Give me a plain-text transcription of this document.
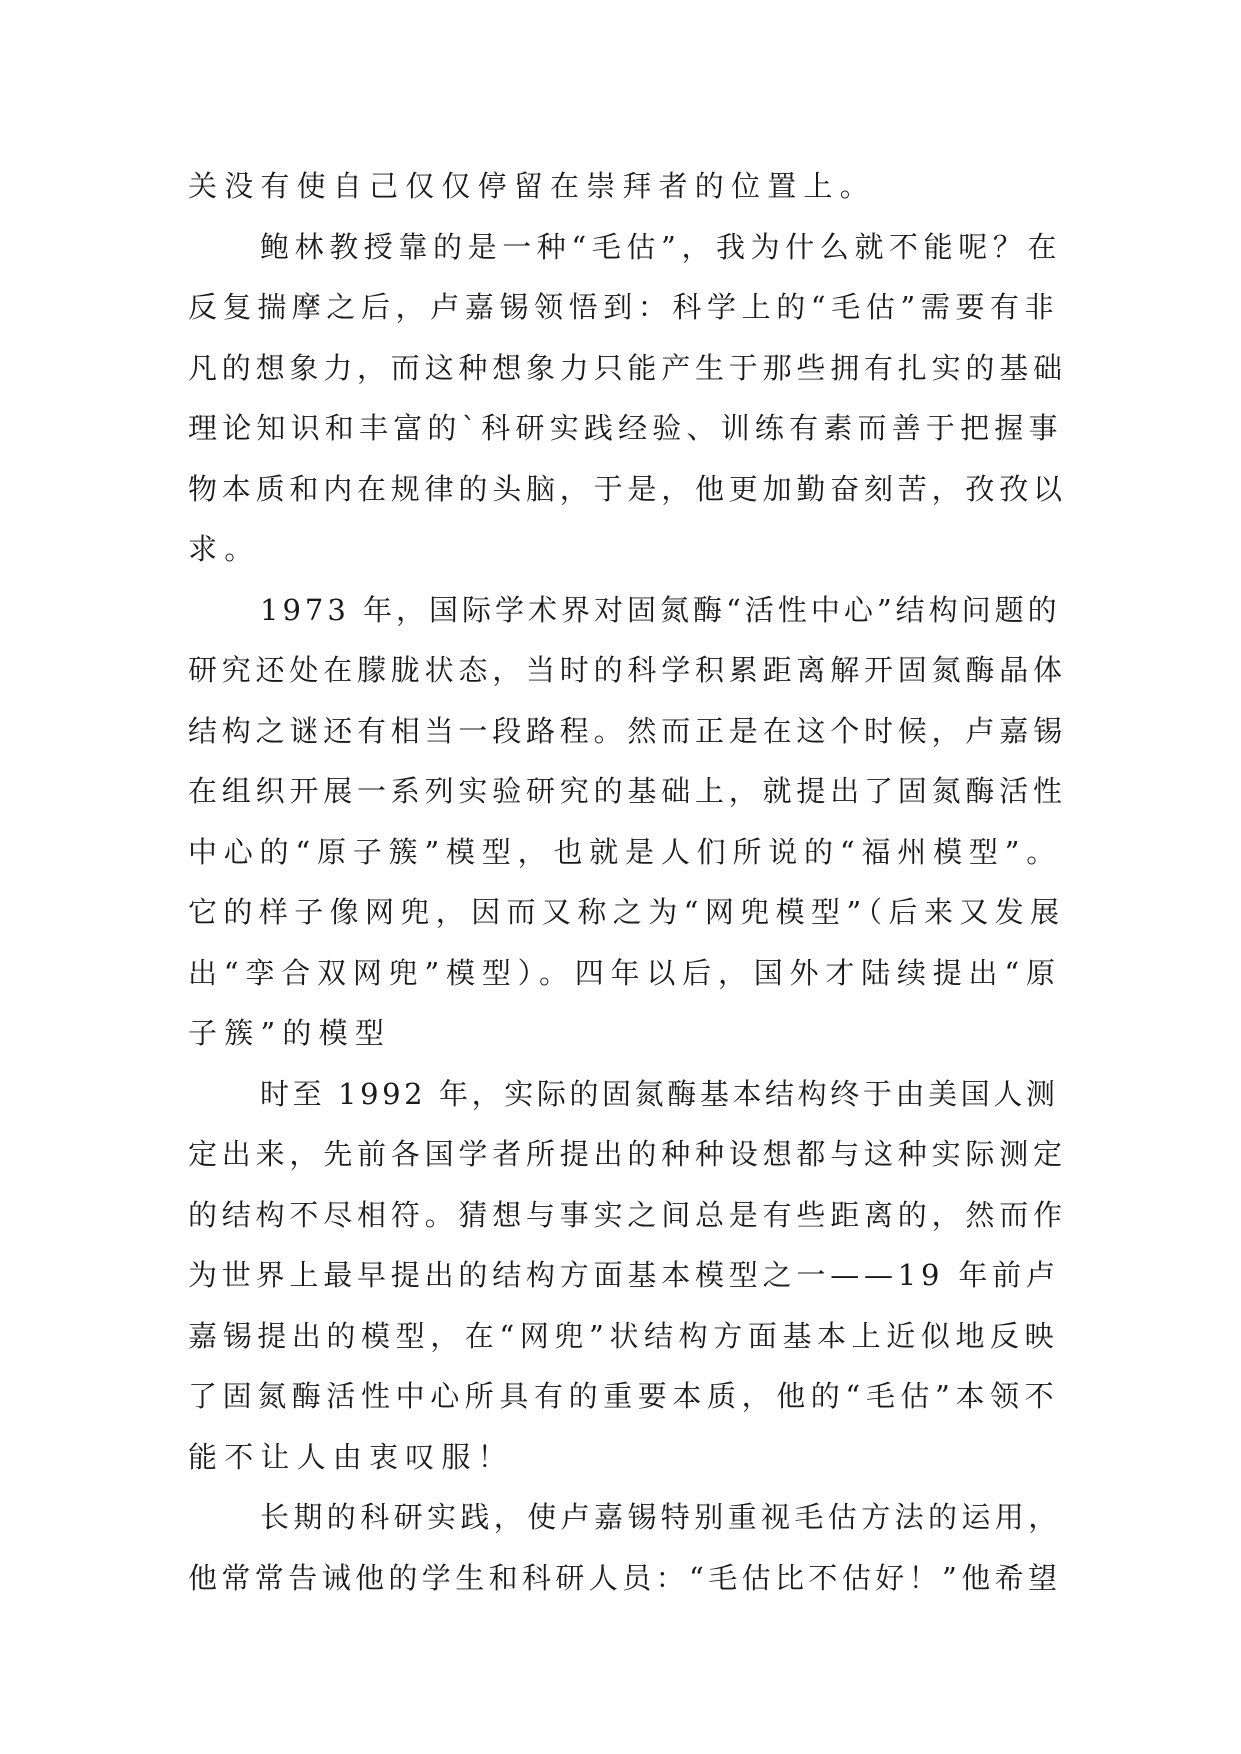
关没有使自己仅仅停留在崇拜者的位置上。
鲍林教授靠的是一种“毛估”，我为什么就不能呢？在
反复揣摩之后，卢嘉锡领悟到：科学上的“毛估”需要有非
凡的想象力，而这种想象力只能产生于那些拥有扎实的基础
理论知识和丰富的`科研实践经验、训练有素而善于把握事
物本质和内在规律的头脑，于是，他更加勤奋刻苦，孜孜以
求。
1973 年，国际学术界对固氮酶“活性中心”结构问题的
研究还处在朦胧状态，当时的科学积累距离解开固氮酶晶体
结构之谜还有相当一段路程。然而正是在这个时候，卢嘉锡
在组织开展一系列实验研究的基础上，就提出了固氮酶活性
中心的“原子簇”模型，也就是人们所说的“福州模型”。
它的样子像网兜，因而又称之为“网兜模型”（后来又发展
出“孪合双网兜”模型）。四年以后，国外才陆续提出“原
子簇”的模型
时至 1992 年，实际的固氮酶基本结构终于由美国人测
定出来，先前各国学者所提出的种种设想都与这种实际测定
的结构不尽相符。猜想与事实之间总是有些距离的，然而作
为世界上最早提出的结构方面基本模型之一——19 年前卢
嘉锡提出的模型，在“网兜”状结构方面基本上近似地反映
了固氮酶活性中心所具有的重要本质，他的“毛估”本领不
能不让人由衷叹服！
长期的科研实践，使卢嘉锡特别重视毛估方法的运用，
他常常告诫他的学生和科研人员：“毛估比不估好！”他希望
